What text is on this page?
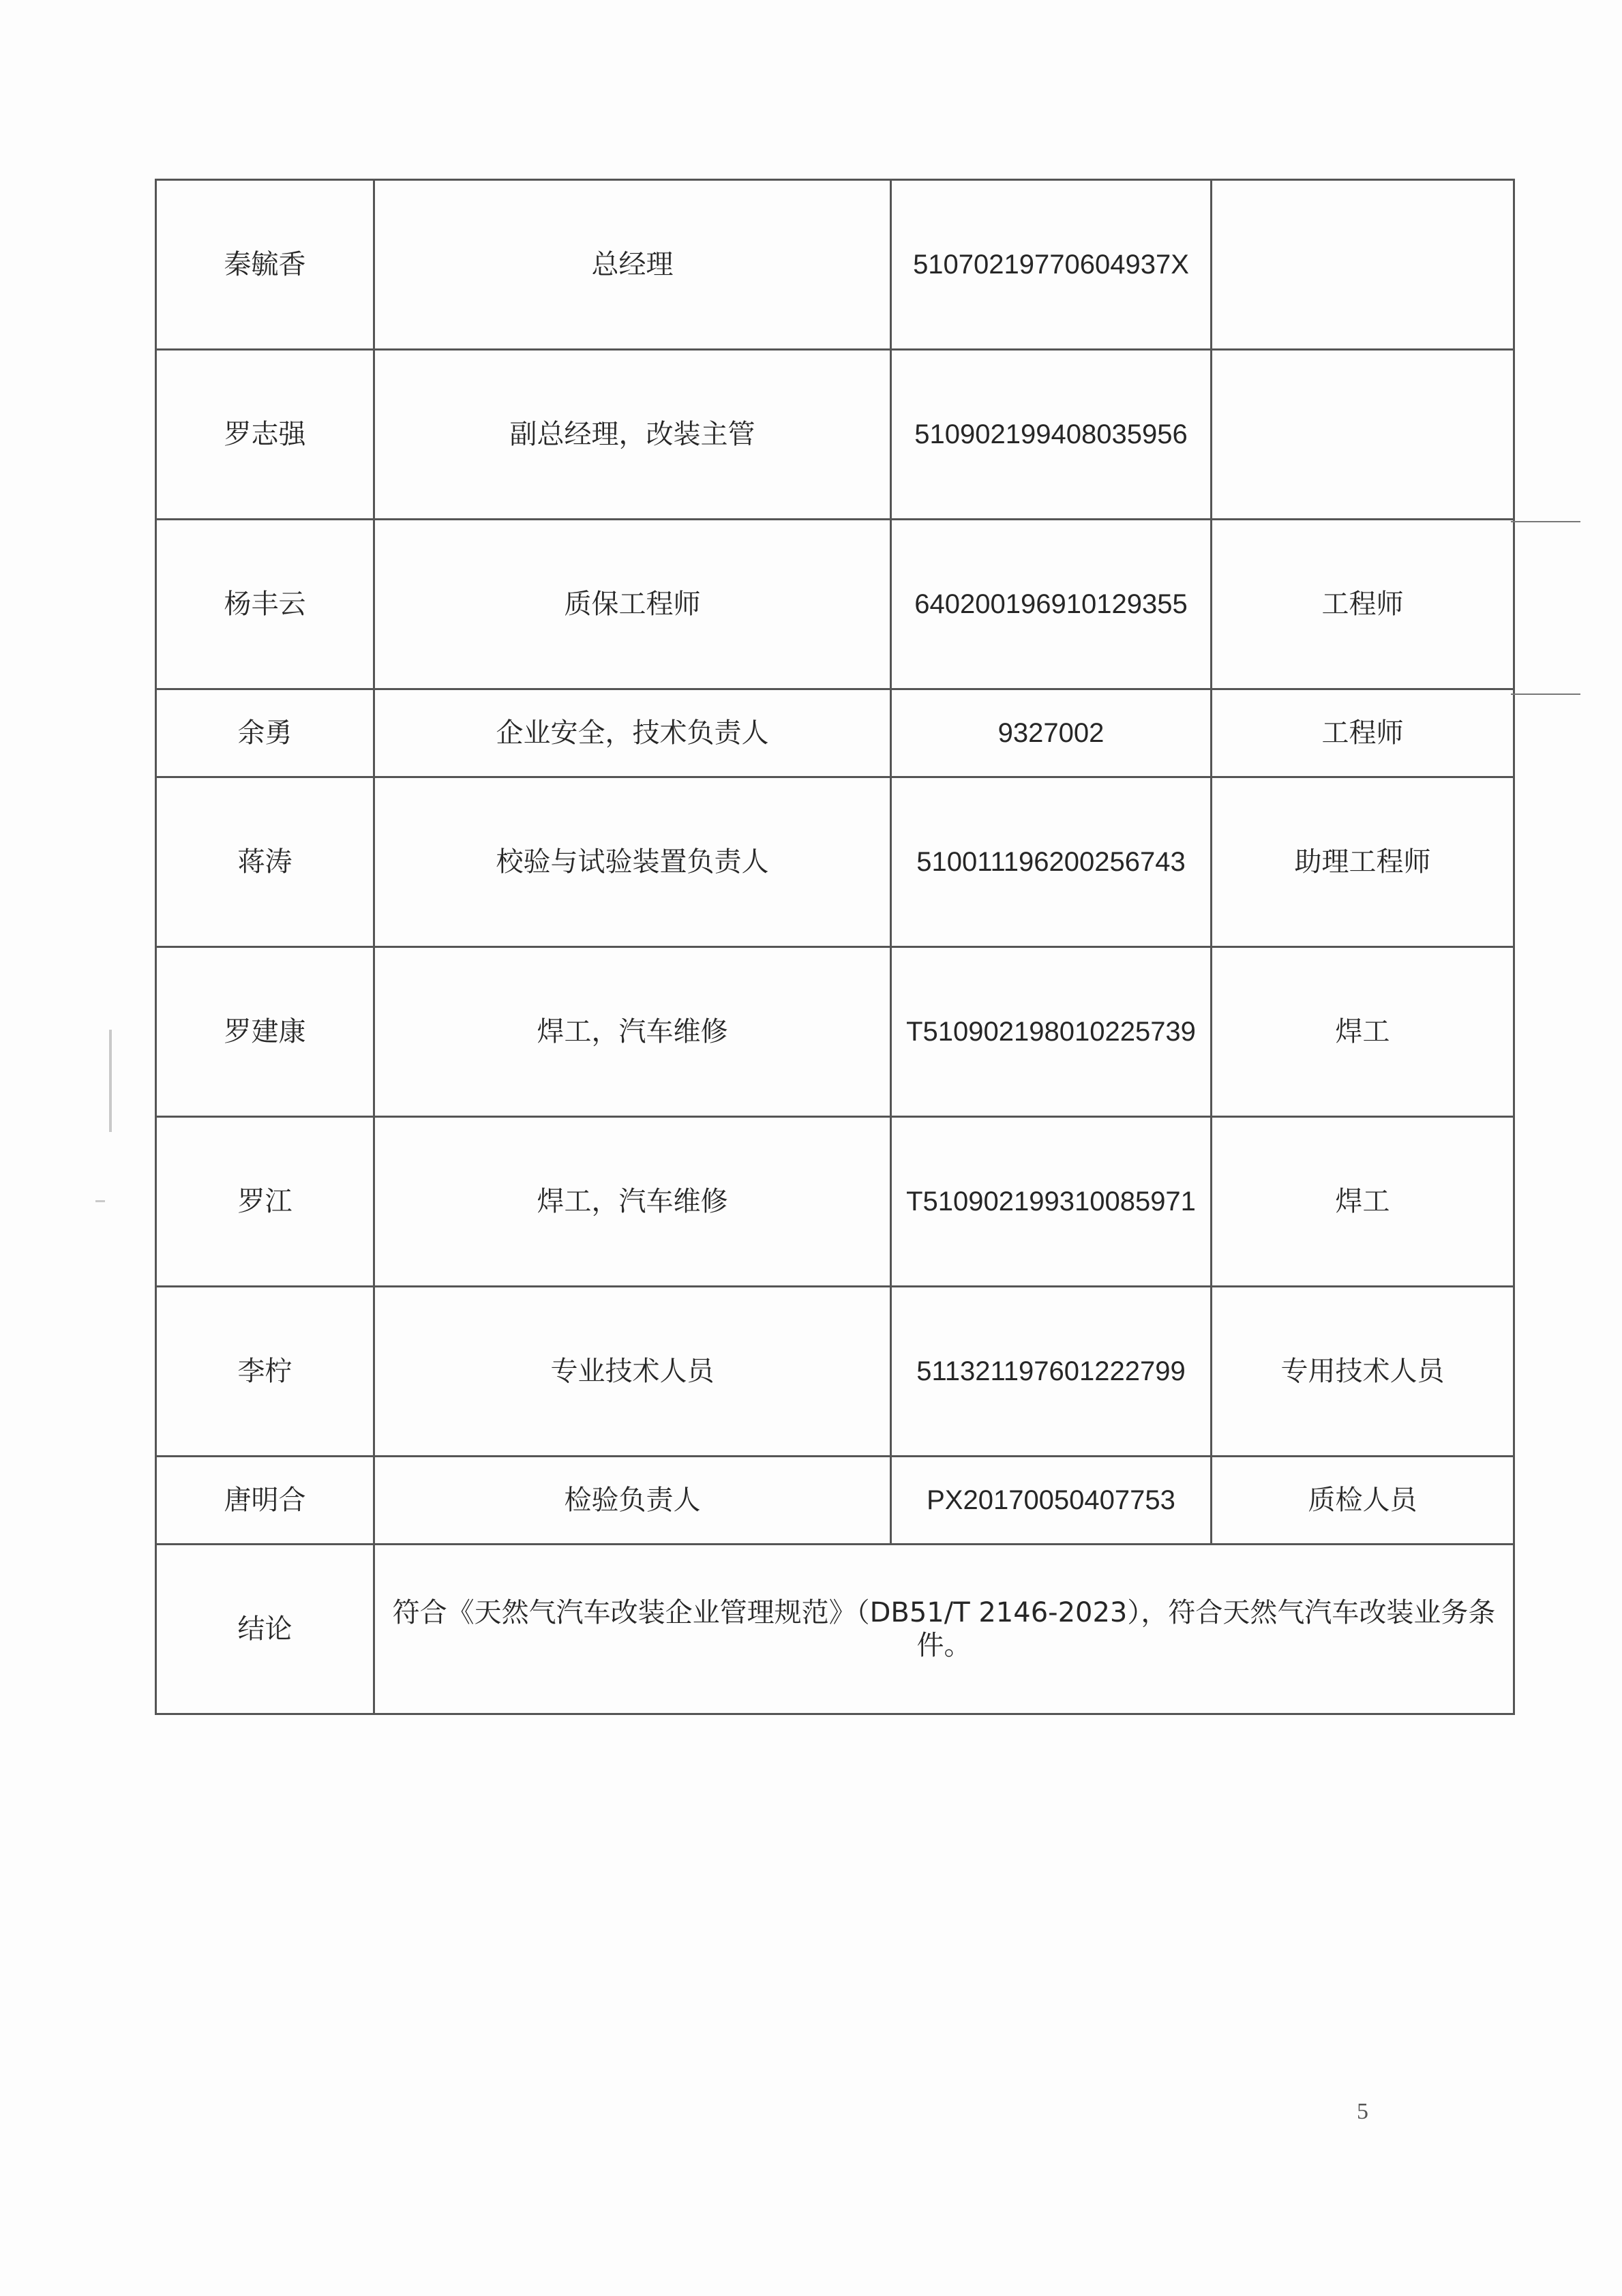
秦毓香	总经理	51070219770604937X	
罗志强	副总经理，改装主管	510902199408035956	
杨丰云	质保工程师	640200196910129355	工程师
余勇	企业安全，技术负责人	9327002	工程师
蒋涛	校验与试验装置负责人	510011196200256743	助理工程师
罗建康	焊工，汽车维修	T510902198010225739	焊工
罗江	焊工，汽车维修	T510902199310085971	焊工
李柠	专业技术人员	511321197601222799	专用技术人员
唐明合	检验负责人	PX20170050407753	质检人员
结论	符合《天然气汽车改装企业管理规范》（DB51/T 2146-2023），符合天然气汽车改装业务条件。		
5
